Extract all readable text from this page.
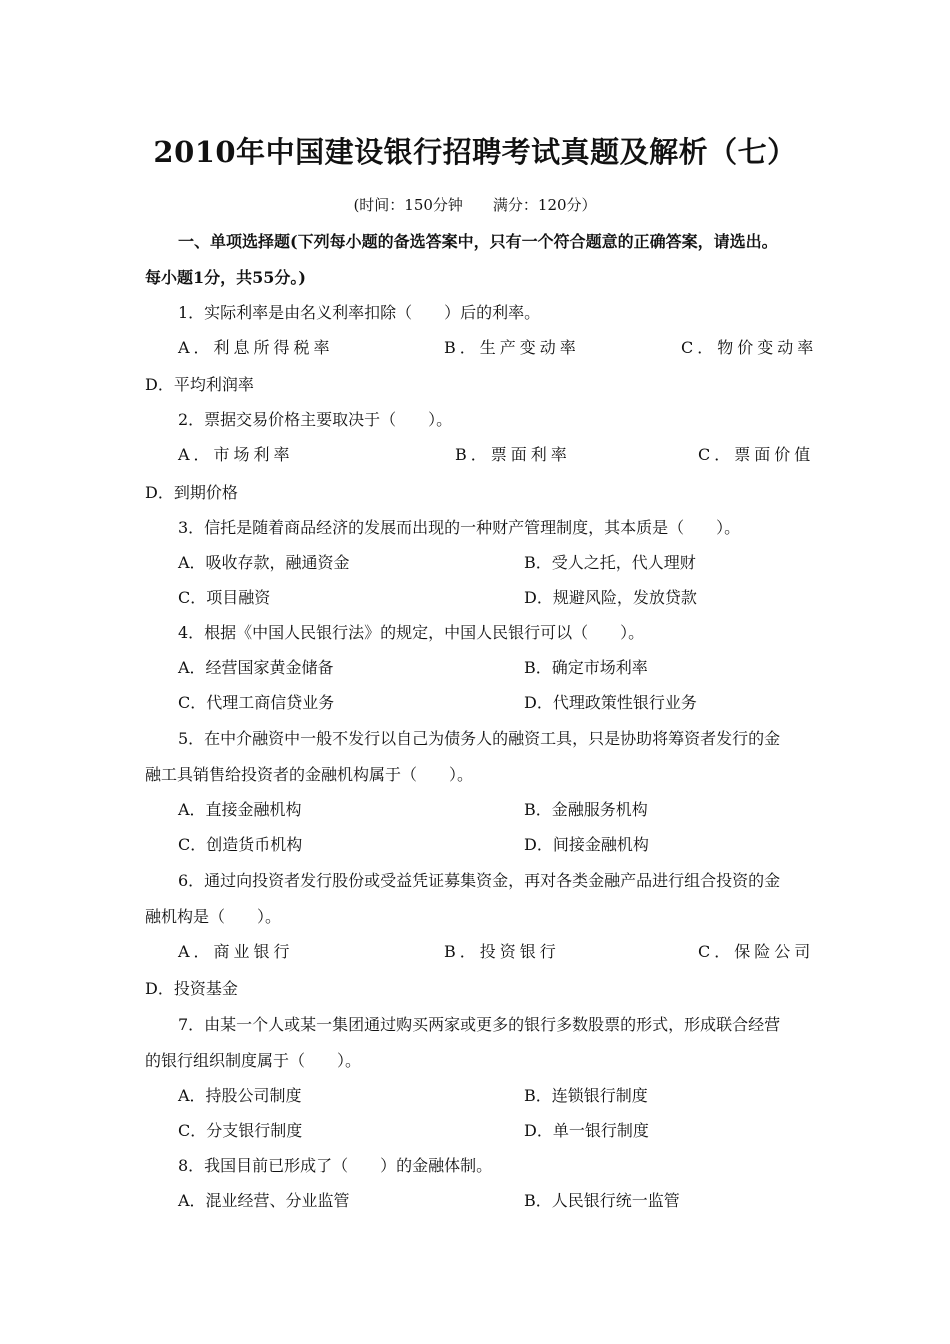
2010年中国建设银行招聘考试真题及解析（七）
(时间：150分钟　　满分：120分）
一、单项选择题(下列每小题的备选答案中，只有一个符合题意的正确答案，请选出。
每小题1分，共55分。)
1．实际利率是由名义利率扣除（　　）后的利率。
A．利息所得税率	B．生产变动率	C．物价变动率
D．平均利润率
2．票据交易价格主要取决于（　　）。
A．市场利率	B．票面利率	C．票面价值
D．到期价格
3．信托是随着商品经济的发展而出现的一种财产管理制度，其本质是（　　）。
A．吸收存款，融通资金	B．受人之托，代人理财
C．项目融资	D．规避风险，发放贷款
4．根据《中国人民银行法》的规定，中国人民银行可以（　　）。
A．经营国家黄金储备	B．确定市场利率
C．代理工商信贷业务	D．代理政策性银行业务
5．在中介融资中一般不发行以自己为债务人的融资工具，只是协助将筹资者发行的金
融工具销售给投资者的金融机构属于（　　）。
A．直接金融机构	B．金融服务机构
C．创造货币机构	D．间接金融机构
6．通过向投资者发行股份或受益凭证募集资金，再对各类金融产品进行组合投资的金
融机构是（　　）。
A．商业银行	B．投资银行	C．保险公司
D．投资基金
7．由某一个人或某一集团通过购买两家或更多的银行多数股票的形式，形成联合经营
的银行组织制度属于（　　）。
A．持股公司制度	B．连锁银行制度
C．分支银行制度	D．单一银行制度
8．我国目前已形成了（　　）的金融体制。
A．混业经营、分业监管	B．人民银行统一监管
